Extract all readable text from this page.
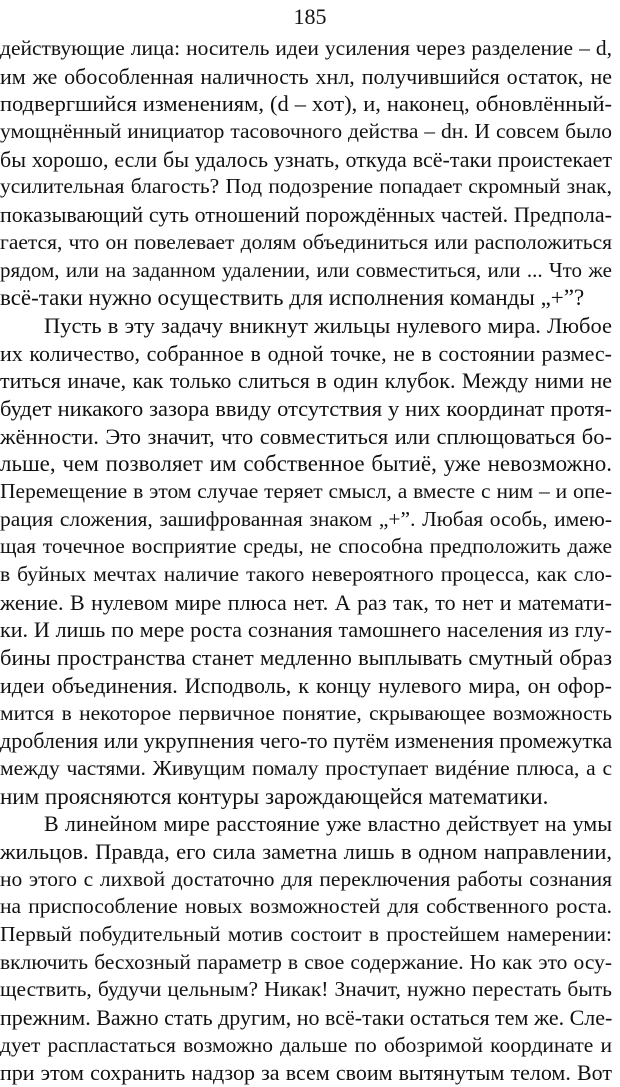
185
действующие лица: носитель идеи усиления через разделение – d,
им же обособленная наличность xнл, получившийся остаток, не
подвергшийся изменениям, (d – xот), и, наконец, обновлённый-
умощнённый инициатор тасовочного действа – dн. И совсем было
бы хорошо, если бы удалось узнать, откуда всё-таки проистекает
усилительная благость? Под подозрение попадает скромный знак,
показывающий суть отношений порождённых частей. Предпола-
гается, что он повелевает долям объединиться или расположиться
рядом, или на заданном удалении, или совместиться, или ... Что же
всё-таки нужно осуществить для исполнения команды „+”?
Пусть в эту задачу вникнут жильцы нулевого мира. Любое
их количество, собранное в одной точке, не в состоянии размес-
титься иначе, как только слиться в один клубок. Между ними не
будет никакого зазора ввиду отсутствия у них координат протя-
жённости. Это значит, что совместиться или сплющоваться бо-
льше, чем позволяет им собственное бытиё, уже невозможно.
Перемещение в этом случае теряет смысл, а вместе с ним – и опе-
рация сложения, зашифрованная знаком „+”. Любая особь, имею-
щая точечное восприятие среды, не способна предположить даже
в буйных мечтах наличие такого невероятного процесса, как сло-
жение. В нулевом мире плюса нет. А раз так, то нет и математи-
ки. И лишь по мере роста сознания тамошнего населения из глу-
бины пространства станет медленно выплывать смутный образ
идеи объединения. Исподволь, к концу нулевого мира, он офор-
мится в некоторое первичное понятие, скрывающее возможность
дробления или укрупнения чего-то путём изменения промежутка
между частями. Живущим помалу проступает видéние плюса, а с
ним проясняются контуры зарождающейся математики.
В линейном мире расстояние уже властно действует на умы
жильцов. Правда, его сила заметна лишь в одном направлении,
но этого с лихвой достаточно для переключения работы сознания
на приспособление новых возможностей для собственного роста.
Первый побудительный мотив состоит в простейшем намерении:
включить бесхозный параметр в свое содержание. Но как это осу-
ществить, будучи цельным? Никак! Значит, нужно перестать быть
прежним. Важно стать другим, но всё-таки остаться тем же. Сле-
дует распластаться возможно дальше по обозримой координате и
при этом сохранить надзор за всем своим вытянутым телом. Вот
